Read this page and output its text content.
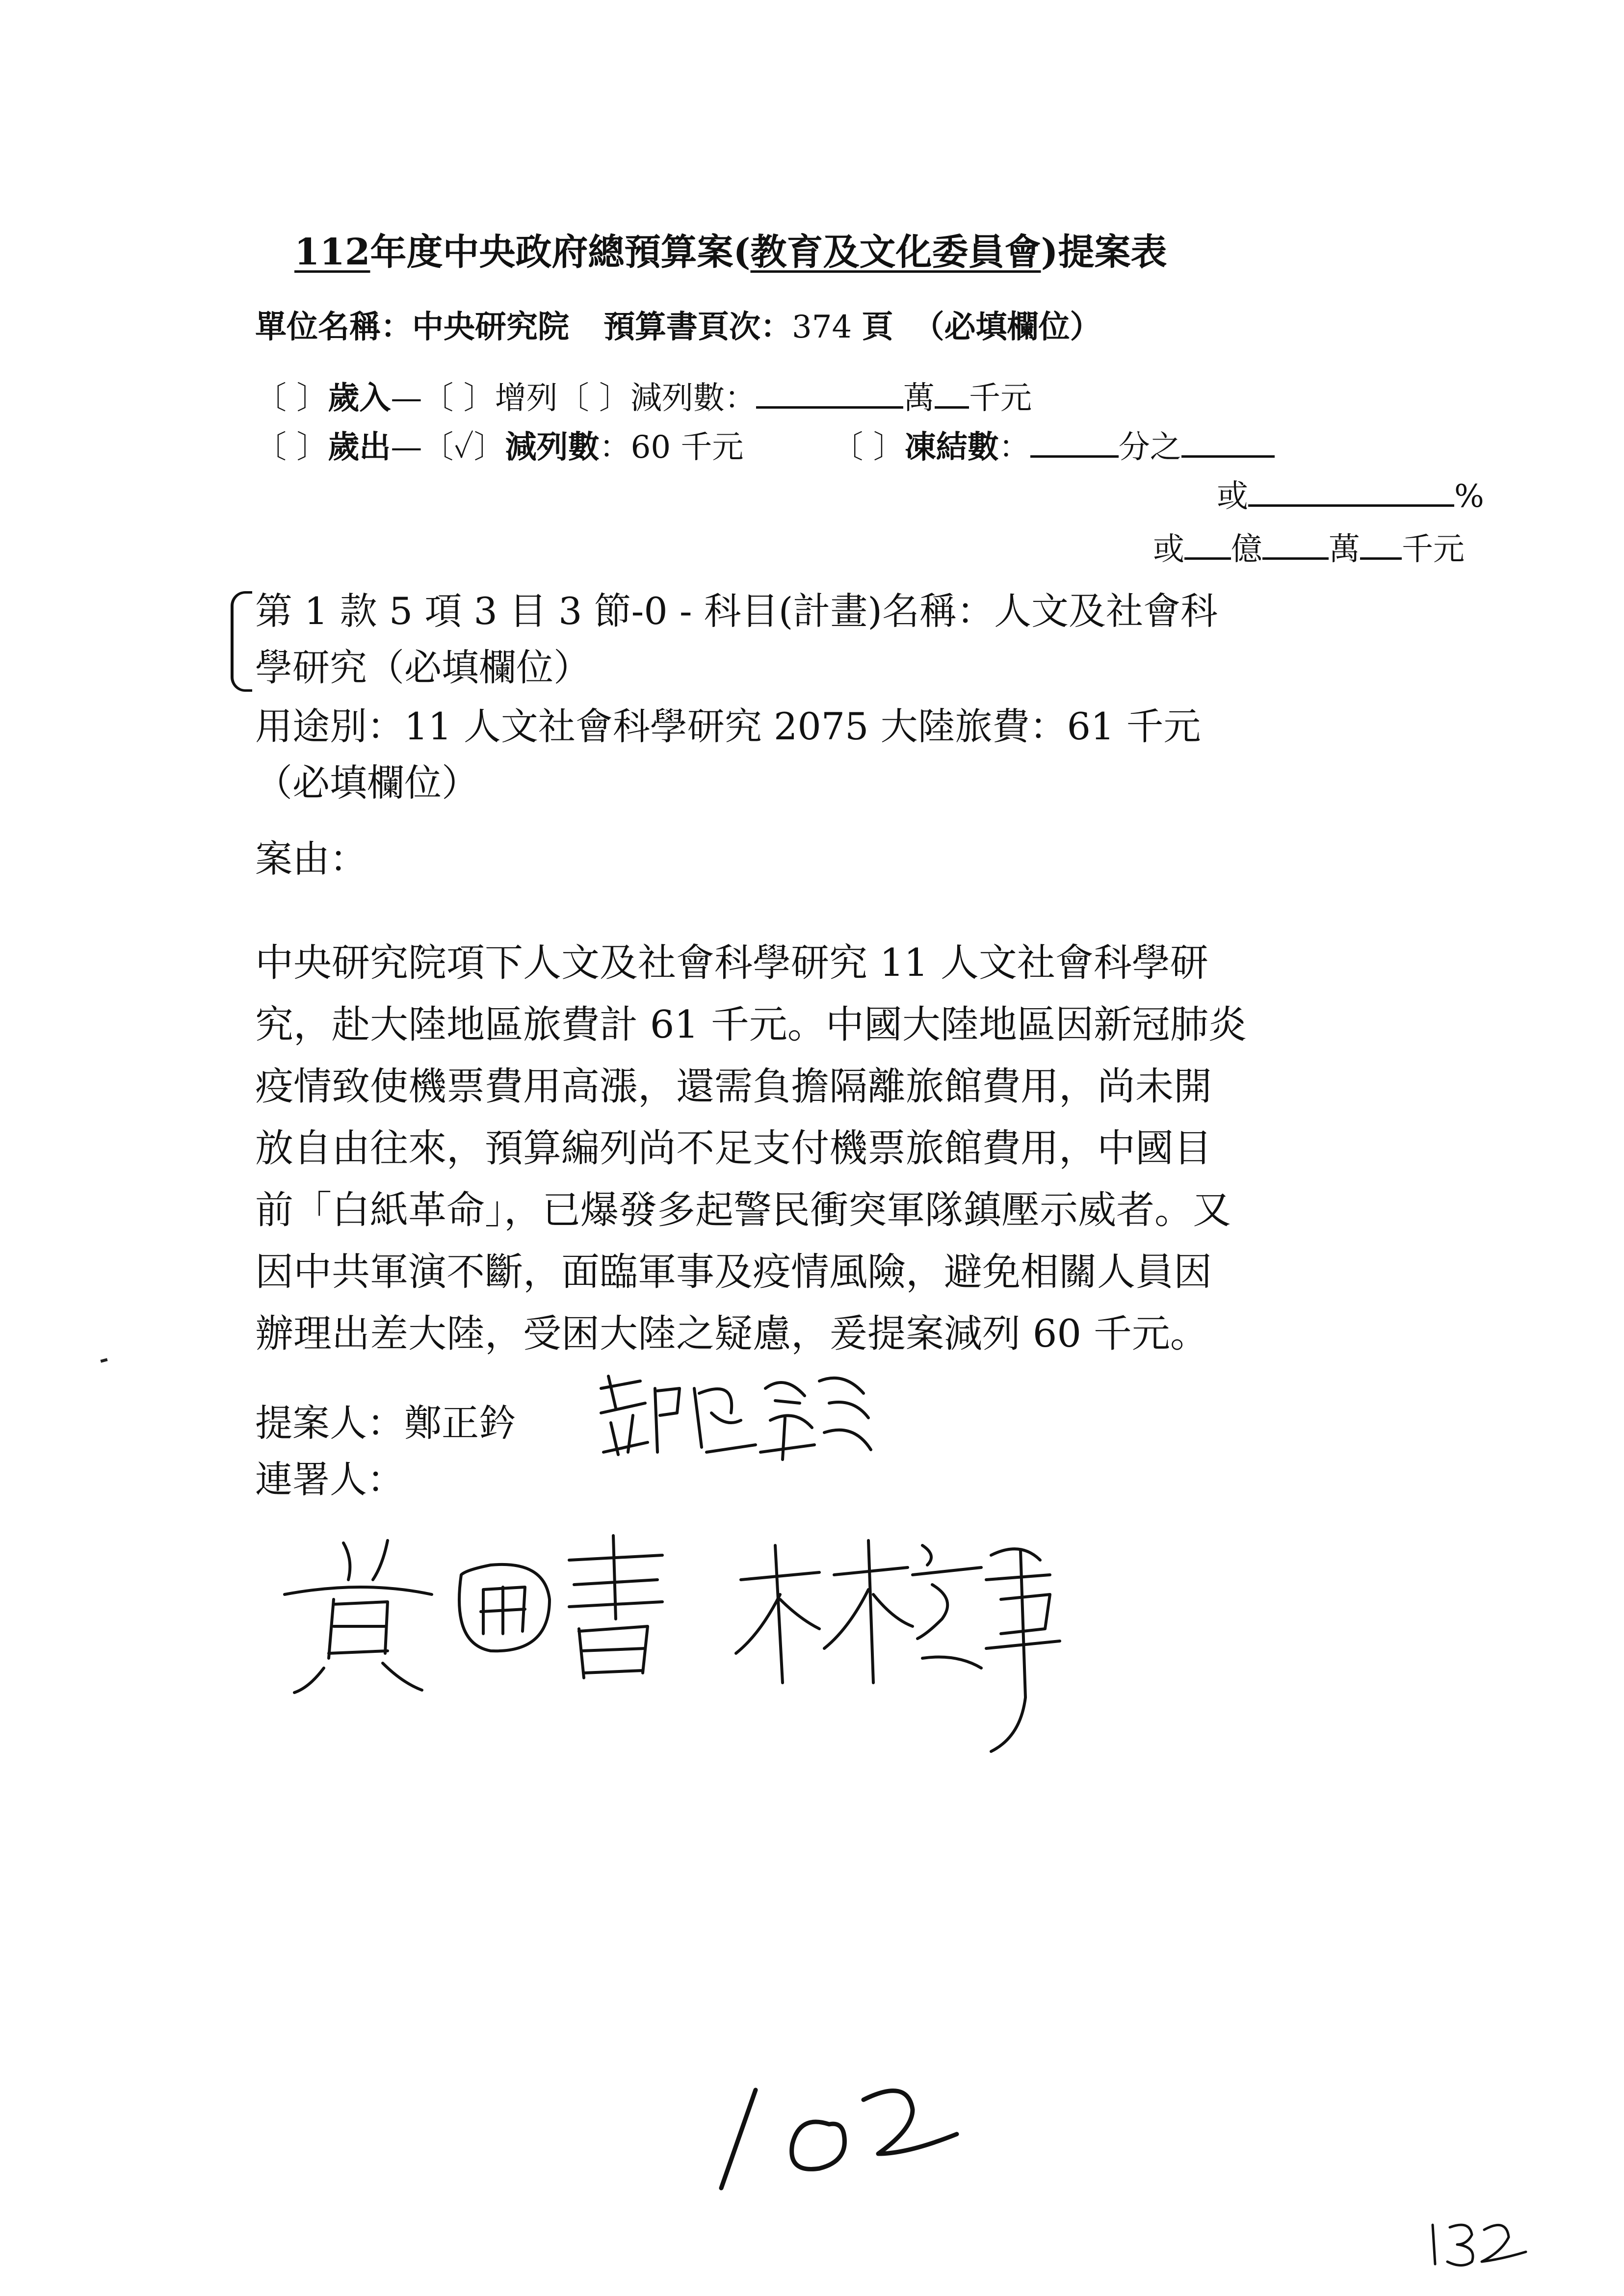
112年度中央政府總預算案(教育及文化委員會)提案表
單位名稱：中央研究院 預算書頁次：374 頁 （必填欄位）
〔 〕歲入—〔 〕增列〔 〕減列數：	萬 千元
〔 〕歲出—〔✓〕減列數：60 千元	〔 〕凍結數：	分之
或	%
或 億 萬 千元
第 1 款 5 項 3 目 3 節-0 - 科目(計畫)名稱：人文及社會科
學研究（必填欄位）
用途別：11 人文社會科學研究 2075 大陸旅費：61 千元
（必填欄位）
案由：
中央研究院項下人文及社會科學研究 11 人文社會科學研
究，赴大陸地區旅費計 61 千元。中國大陸地區因新冠肺炎
疫情致使機票費用高漲，還需負擔隔離旅館費用，尚未開
放自由往來，預算編列尚不足支付機票旅館費用，中國目
前「白紙革命」，已爆發多起警民衝突軍隊鎮壓示威者。又
因中共軍演不斷，面臨軍事及疫情風險，避免相關人員因
辦理出差大陸，受困大陸之疑慮，爰提案減列 60 千元。
提案人：鄭正鈐
連署人：
